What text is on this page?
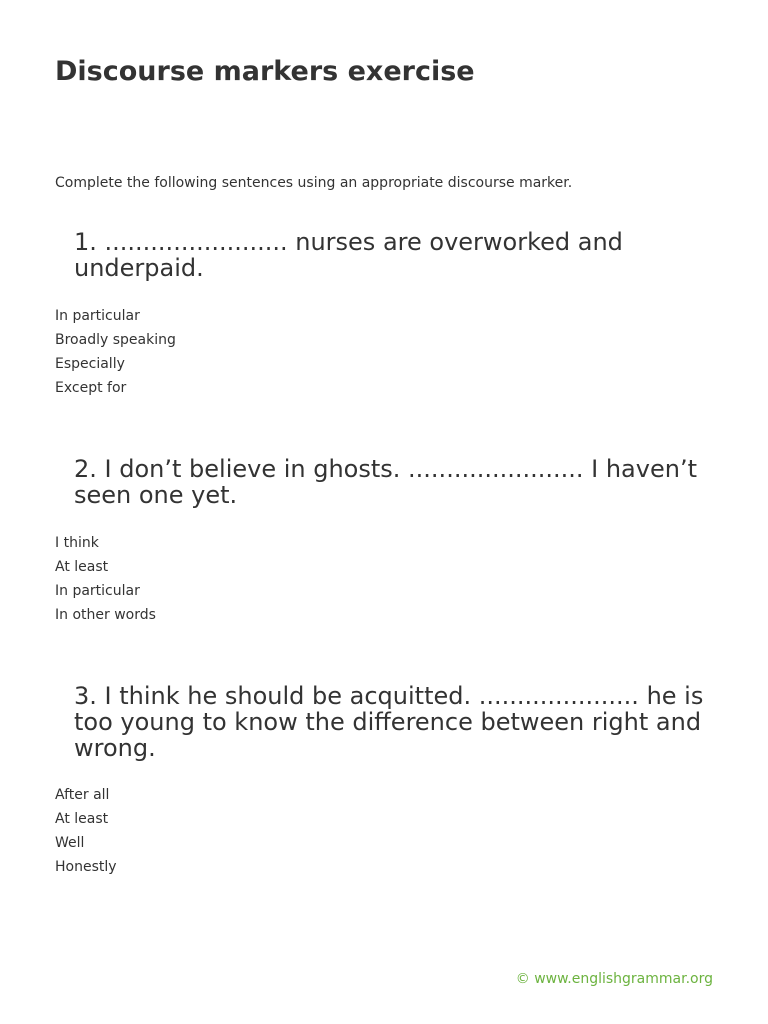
Discourse markers exercise

Complete the following sentences using an appropriate discourse marker.

1. ........................ nurses are overworked and underpaid.
In particular
Broadly speaking
Especially
Except for
2. I don’t believe in ghosts. ....................... I haven’t seen one yet.
I think
At least
In particular
In other words
3. I think he should be acquitted. ..................... he is too young to know the difference between right and wrong.
After all
At least
Well
Honestly
© www.englishgrammar.org
